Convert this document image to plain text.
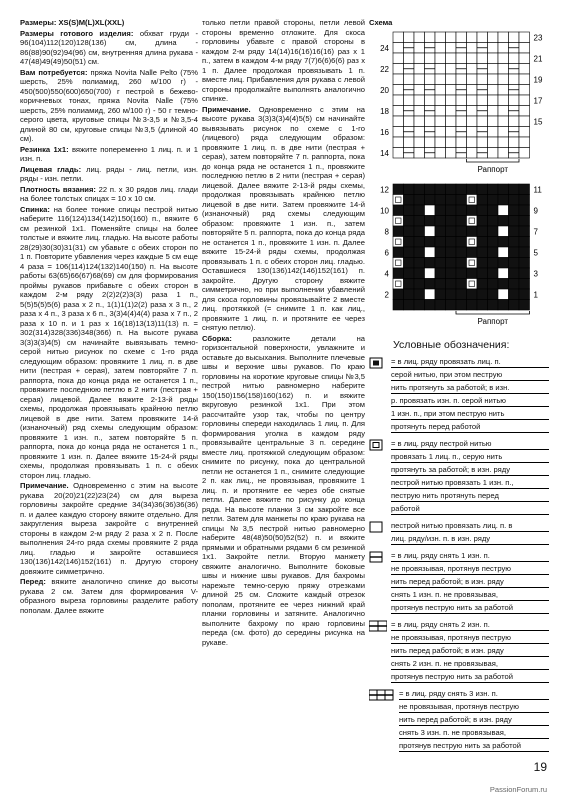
Размеры: XS(S)M(L)XL(XXL)

Размеры готового изделия: обхват груди - 96(104)112(120)128(136) см, длина - 86(88)90(92)94(96) см, внутренняя длина рукава - 47(48)49(49)50(51) см.

Вам потребуется: пряжа Novita Nalle Pelto (75% шерсть, 25% полиамид, 260 м/100 г) - 450(500)550(600)650(700) г пестрой в бежево-коричневых тонах, пряжа Novita Nalle (75% шерсть, 25% полиамид, 260 м/100 г) - 50 г темно-серого цвета, круговые спицы №3-3,5 и №3,5-4 длиной 80 см, круговые спицы №3,5 (длиной 40 см).

Резинка 1x1: вяжите попеременно 1 лиц. п. и 1 изн. п.

Лицевая гладь: лиц. ряды - лиц. петли, изн. ряды - изн. петли.

Плотность вязания: 22 п. x 30 рядов лиц. глади на более толстых спицах = 10 x 10 см.

Спинка: на более тонкие спицы пестрой нитью наберите 116(124)134(142)150(160) п., вяжите 6 см резинкой 1x1. Поменяйте спицы на более толстые и вяжите лиц. гладью. На высоте работы 28(29)30(30)31(31) см убавьте с обеих сторон по 1 п. Повторите убавления через каждые 5 см еще 4 раза = 106(114)124(132)140(150) п. На высоте работы 63(65)66(67)68(69) см для формирования проймы рукавов прибавьте с обеих сторон в каждом 2-м ряду 2(2)2(2)3(3) раза 1 п., 5(5)5(5)5(6) раза x 2 п., 1(1)1(1)2(2) раза x 3 п., 2 раза x 4 п., 3 раза x 6 п., 3(3)4(4)4(4) раза x 7 п., 2 раза x 10 п. и 1 раз x 16(18)13(13)11(13) п. = 302(314)328(336)348(366) п. На высоте рукава 3(3)3(3)4(5) см начинайте вывязывать темно-серой нитью рисунок по схеме с 1-го ряда следующим образом: провяжите 1 лиц. п. в две нити (пестрая + серая), затем повторяйте 7 п. раппорта, пока до конца ряда не останется 1 п., провяжите последнюю петлю в 2 нити (пестрая + серая) лицевой. Далее вяжите 2-13-й ряды схемы, продолжая провязывать крайнюю петлю лицевой в две нити. Затем провяжите 14-й (изнаночный) ряд схемы следующим образом: провяжите 1 изн. п., затем повторяйте 5 п. раппорта, пока до конца ряда не останется 1 п., провяжите 1 изн. п. Далее вяжите 15-24-й ряды схемы, продолжая провязывать 1 п. с обеих сторон лиц. гладью.

Примечание. Одновременно с этим на высоте рукава 20(20)21(22)23(24) см для выреза горловины закройте средние 34(34)36(36)36(36) п. и далее каждую сторону вяжите отдельно. Для закругления выреза закройте с внутренней стороны в каждом 2-м ряду 2 раза x 2 п. После выполнения 24-го ряда схемы провяжите 2 ряда лиц. гладью и закройте оставшиеся 130(136)142(146)152(161) п. Другую сторону довяжите симметрично.

Перед: вяжите аналогично спинке до высоты рукава 2 см. Затем для формирования V-образного выреза горловины разделите работу пополам. Далее вяжите

только петли правой стороны, петли левой стороны временно отложите. Для скоса горловины убавьте с правой стороны в каждом 2-м ряду 14(14)16(16)16(16) раз x 1 п., затем в каждом 4-м ряду 7(7)6(6)6(6) раз x 1 п. Далее продолжая провязывать 1 п. вместе лиц. Прибавления для рукава с левой стороны продолжайте выполнять аналогично спинке.

Примечание. Одновременно с этим на высоте рукава 3(3)3(3)4(4)5(5) см начинайте вывязывать рисунок по схеме с 1-го (лицевого) ряда следующим образом: провяжите 1 лиц. п. в две нити (пестрая + серая), затем повторяйте 7 п. раппорта, пока до конца ряда не останется 1 п., провяжите последнюю петлю в 2 нити (пестрая + серая) лицевой. Далее вяжите 2-13-й ряды схемы, продолжая провязывать крайнюю петлю лицевой в две нити. Затем провяжите 14-й (изнаночный) ряд схемы следующим образом: провяжите 1 изн. п., затем повторяйте 5 п. раппорта, пока до конца ряда не останется 1 п., провяжите 1 изн. п. Далее вяжите 15-24-й ряды схемы, продолжая провязывать 1 п. с обеих сторон лиц. гладью. Оставшиеся 130(136)142(146)152(161) п. закройте. Другую сторону вяжите симметрично, но при выполнении убавлений для скоса горловины провязывайте 2 вместе лиц. протяжкой (= снимите 1 п. как лиц., провяжите 1 лиц. п. и протяните ее через снятую петлю).

Сборка: разложите детали на горизонтальной поверхности, увлажните и оставьте до высыхания. Выполните плечевые швы и верхние швы рукавов. По краю горловины на короткие круговые спицы №3,5 пестрой нитью равномерно наберите 150(150)156(158)160(162) п. и вяжите вкруговую резинкой 1x1. При этом рассчитайте узор так, чтобы по центру горловины спереди находилась 1 лиц. п. Для формирования уголка в каждом ряду провязывайте центральные 3 п. середине вместе лиц. протяжкой следующим образом: снимите по рисунку, пока до центральной петли не останется 1 п., снимите следующие 2 п. как лиц., не провязывая, провяжите 1 лиц. п. и протяните ее через обе снятые петли. Далее вяжите по рисунку до конца ряда. На высоте планки 3 см закройте все петли. Затем для манжеты по краю рукава на спицы №3,5 пестрой нитью равномерно наберите 48(48)50(50)52(52) п. и вяжите прямыми и обратными рядами 6 см резинкой 1x1. Закройте петли. Вторую манжету свяжите аналогично. Выполните боковые швы и нижние швы рукавов. Для бахромы нарежьте темно-серую пряжу отрезками длиной 25 см. Сложите каждый отрезок пополам, протяните ее через нижний край планки горловины и затяните. Аналогично выполните бахрому по краю горловины переда (см. фото) до середины рисунка на рукаве.

Схема
24
22
20
18
16
14
23
21
19
17
15
Раппорт

12
10
8
6
4
2
11
9
7
5
3
1
Раппорт
Условные обозначения:
= в лиц. ряду провязать лиц. п.
серой нитью, при этом пеструю
нить протянуть за работой; в изн.
р. провязать изн. п. серой нитью
1 изн. п., при этом пеструю нить
протянуть перед работой
= в лиц. ряду пестрой нитью
провязать 1 лиц. п., серую нить
протянуть за работой; в изн. ряду
пестрой нитью провязать 1 изн. п.,
пеструю нить протянуть перед
работой
пестрой нитью провязать лиц. п. в
лиц. ряду/изн. п. в изн. ряду
= в лиц. ряду снять 1 изн. п.
не провязывая, протянув пеструю
нить перед работой; в изн. ряду
снять 1 изн. п. не провязывая,
протянув пеструю нить за работой
= в лиц. ряду снять 2 изн. п.
не провязывая, протянув пеструю
нить перед работой; в изн. ряду
снять 2 изн. п. не провязывая,
протянув пеструю нить за работой
= в лиц. ряду снять 3 изн. п.
не провязывая, протянув пеструю
нить перед работой; в изн. ряду
снять 3 изн. п. не провязывая,
протянув пеструю нить за работой
19
PassionForum.ru
